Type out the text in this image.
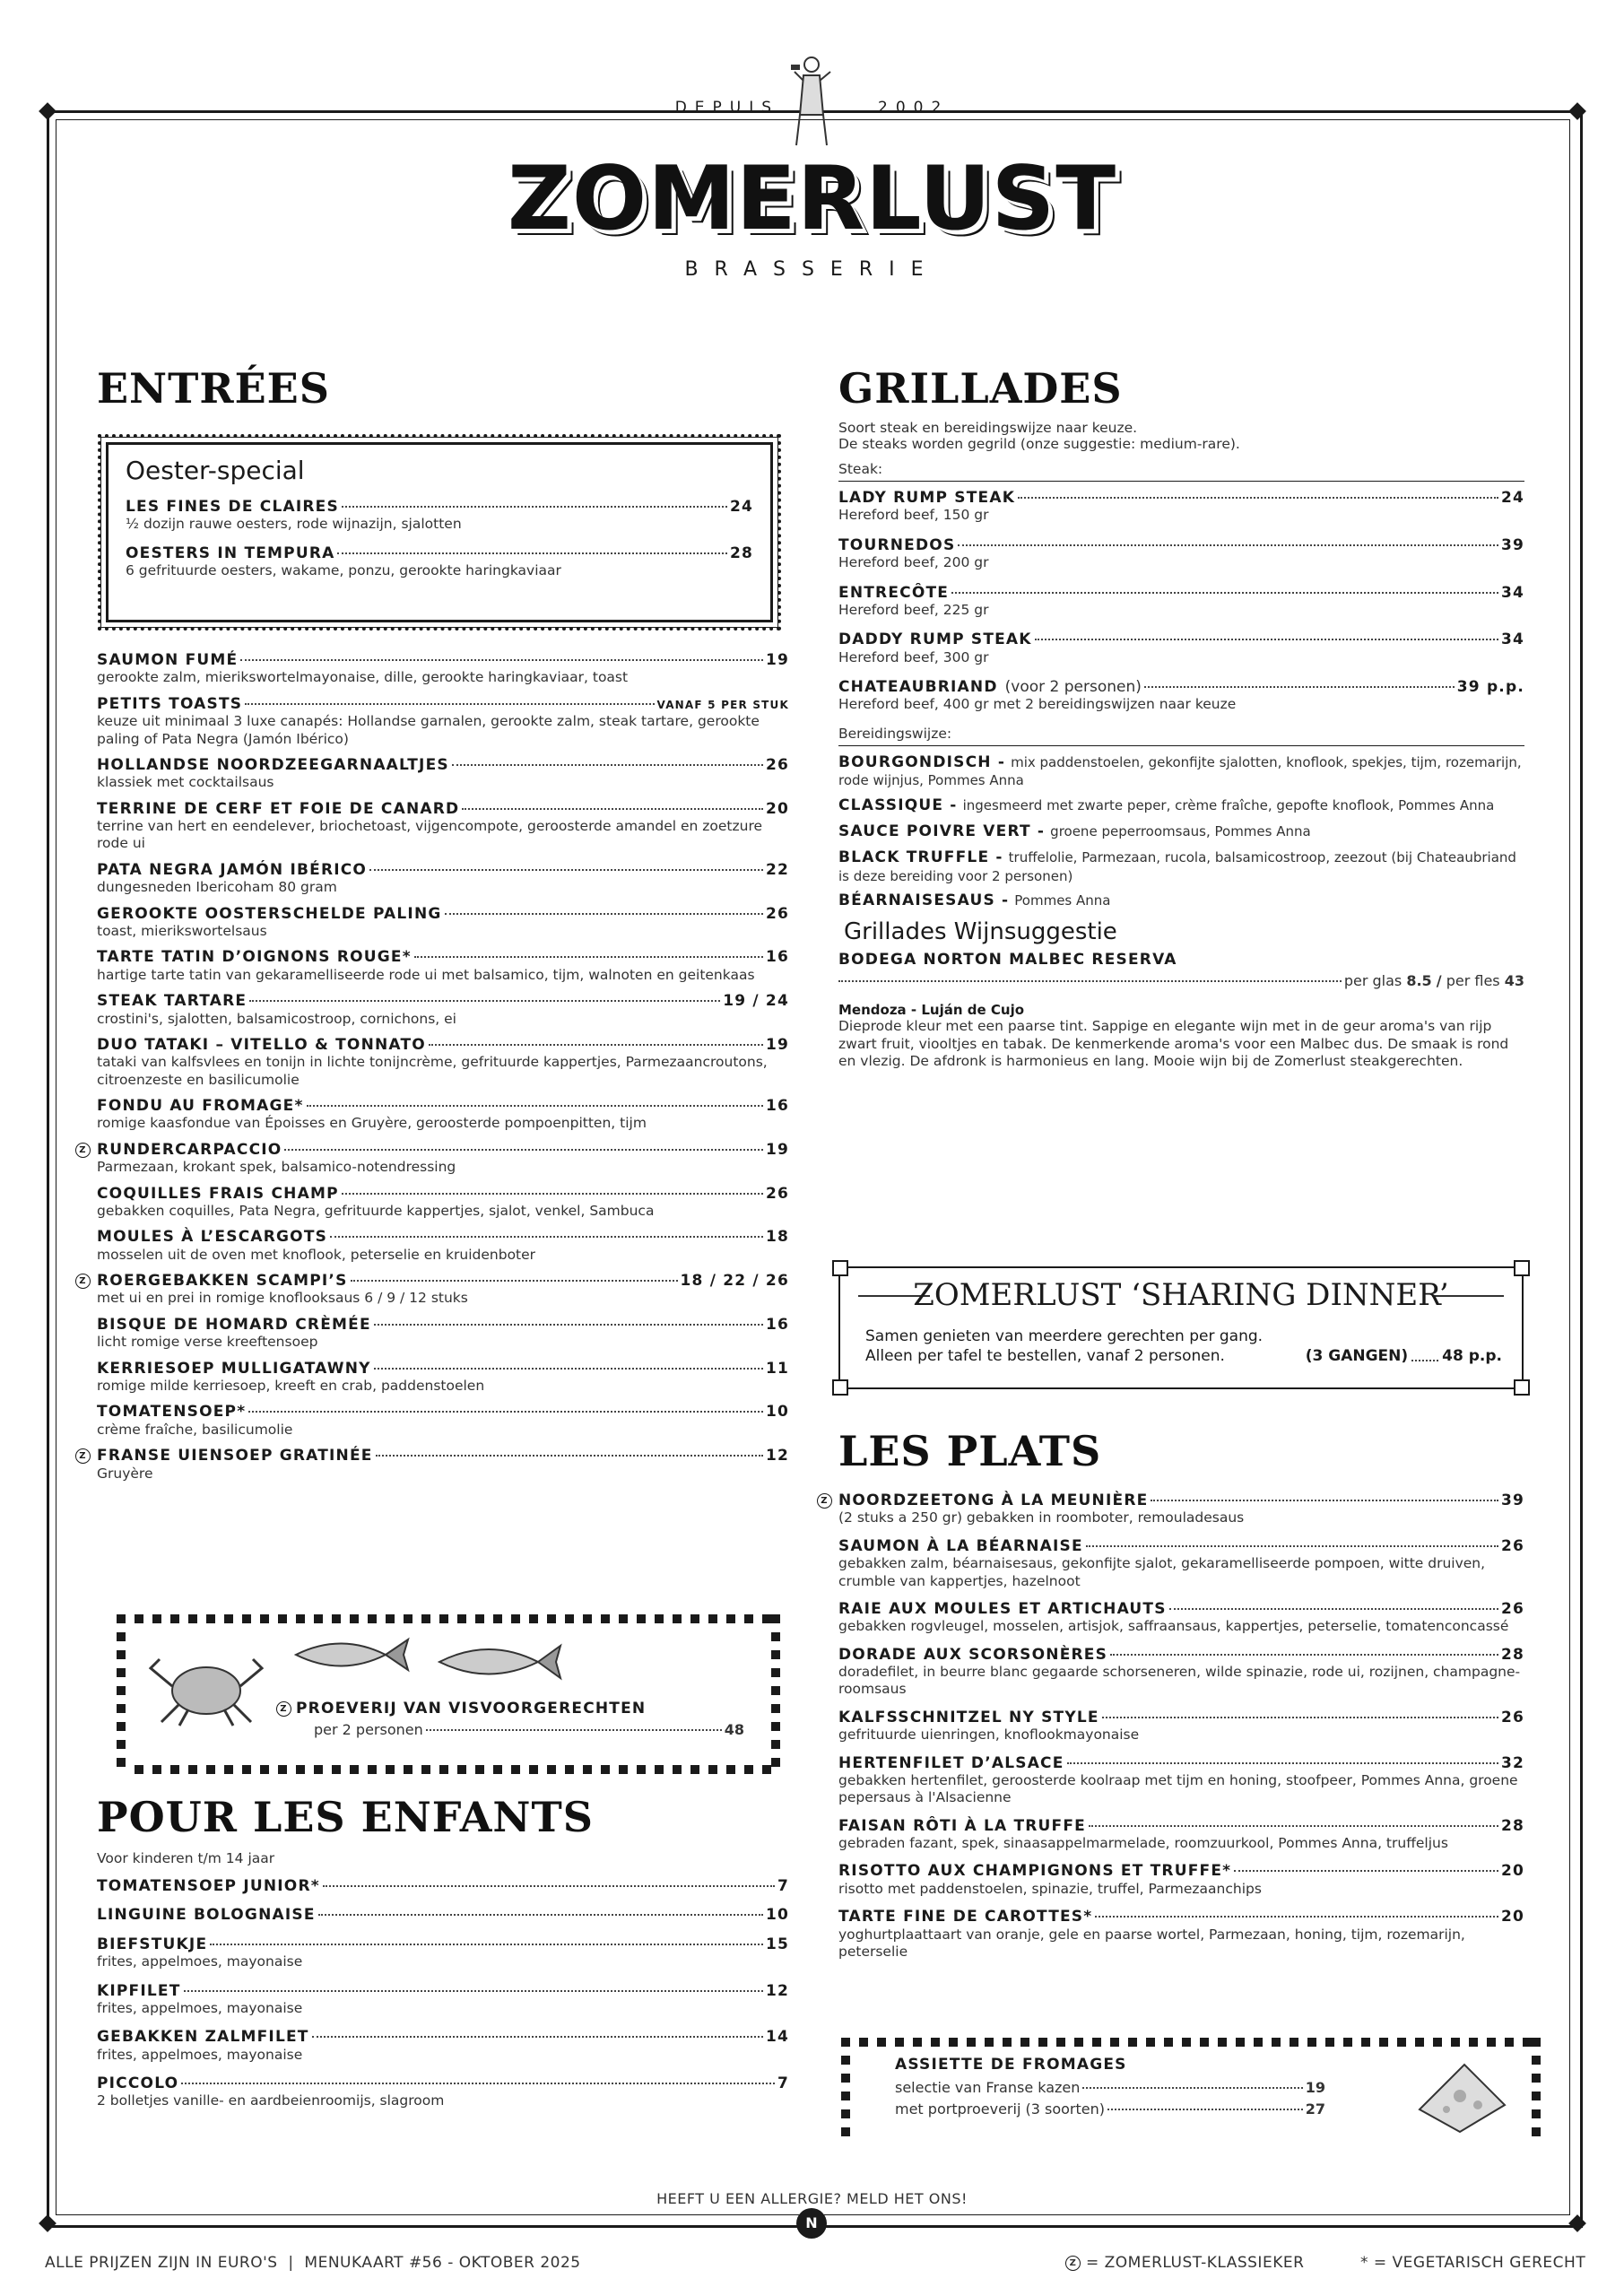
DEPUIS	2002
ZOMERLUST
BRASSERIE
ENTRÉES
Oester-special
LES FINES DE CLAIRES	24
½ dozijn rauwe oesters, rode wijnazijn, sjalotten
OESTERS IN TEMPURA	28
6 gefrituurde oesters, wakame, ponzu, gerookte haringkaviaar
SAUMON FUMÉ	19
gerookte zalm, mierikswortelmayonaise, dille, gerookte haringkaviaar, toast
PETITS TOASTS	VANAF 5 PER STUK
keuze uit minimaal 3 luxe canapés: Hollandse garnalen, gerookte zalm, steak tartare, gerookte paling of Pata Negra (Jamón Ibérico)
HOLLANDSE NOORDZEEGARNAALTJES	26
klassiek met cocktailsaus
TERRINE DE CERF ET FOIE DE CANARD	20
terrine van hert en eendelever, briochetoast, vijgencompote, geroosterde amandel en zoetzure rode ui
PATA NEGRA JAMÓN IBÉRICO	22
dungesneden Ibericoham 80 gram
GEROOKTE OOSTERSCHELDE PALING	26
toast, mierikswortelsaus
TARTE TATIN D’OIGNONS ROUGE*	16
hartige tarte tatin van gekaramelliseerde rode ui met balsamico, tijm, walnoten en geitenkaas
STEAK TARTARE	19 / 24
crostini's, sjalotten, balsamicostroop, cornichons, ei
DUO TATAKI – VITELLO & TONNATO	19
tataki van kalfsvlees en tonijn in lichte tonijncrème, gefrituurde kappertjes, Parmezaancroutons, citroenzeste en basilicumolie
FONDU AU FROMAGE*	16
romige kaasfondue van Époisses en Gruyère, geroosterde pompoenpitten, tijm
Z RUNDERCARPACCIO	19
Parmezaan, krokant spek, balsamico-notendressing
COQUILLES FRAIS CHAMP	26
gebakken coquilles, Pata Negra, gefrituurde kappertjes, sjalot, venkel, Sambuca
MOULES À L’ESCARGOTS	18
mosselen uit de oven met knoflook, peterselie en kruidenboter
Z ROERGEBAKKEN SCAMPI’S	18 / 22 / 26
met ui en prei in romige knoflooksaus 6 / 9 / 12 stuks
BISQUE DE HOMARD CRÈMÉE	16
licht romige verse kreeftensoep
KERRIESOEP MULLIGATAWNY	11
romige milde kerriesoep, kreeft en crab, paddenstoelen
TOMATENSOEP*	10
crème fraîche, basilicumolie
Z FRANSE UIENSOEP GRATINÉE	12
Gruyère
Z PROEVERIJ VAN VISVOORGERECHTEN
per 2 personen	48
POUR LES ENFANTS
Voor kinderen t/m 14 jaar
TOMATENSOEP JUNIOR*	7
LINGUINE BOLOGNAISE	10
BIEFSTUKJE	15
frites, appelmoes, mayonaise
KIPFILET	12
frites, appelmoes, mayonaise
GEBAKKEN ZALMFILET	14
frites, appelmoes, mayonaise
PICCOLO	7
2 bolletjes vanille- en aardbeienroomijs, slagroom
GRILLADES
Soort steak en bereidingswijze naar keuze.
De steaks worden gegrild (onze suggestie: medium-rare).
Steak:
LADY RUMP STEAK	24
Hereford beef, 150 gr
TOURNEDOS	39
Hereford beef, 200 gr
ENTRECÔTE	34
Hereford beef, 225 gr
DADDY RUMP STEAK	34
Hereford beef, 300 gr
CHATEAUBRIAND (voor 2 personen)	39 p.p.
Hereford beef, 400 gr met 2 bereidingswijzen naar keuze
Bereidingswijze:
BOURGONDISCH - mix paddenstoelen, gekonfijte sjalotten, knoflook, spekjes, tijm, rozemarijn, rode wijnjus, Pommes Anna
CLASSIQUE - ingesmeerd met zwarte peper, crème fraîche, gepofte knoflook, Pommes Anna
SAUCE POIVRE VERT - groene peperroomsaus, Pommes Anna
BLACK TRUFFLE - truffelolie, Parmezaan, rucola, balsamicostroop, zeezout (bij Chateaubriand is deze bereiding voor 2 personen)
BÉARNAISESAUS - Pommes Anna
Grillades Wijnsuggestie
BODEGA NORTON MALBEC RESERVA
per glas 8.5 / per fles 43
Mendoza - Luján de Cujo
Dieprode kleur met een paarse tint. Sappige en elegante wijn met in de geur aroma's van rijp zwart fruit, viooltjes en tabak. De kenmerkende aroma's voor een Malbec dus. De smaak is rond en vlezig. De afdronk is harmonieus en lang. Mooie wijn bij de Zomerlust steakgerechten.
ZOMERLUST ‘SHARING DINNER’
Samen genieten van meerdere gerechten per gang.
Alleen per tafel te bestellen, vanaf 2 personen.	(3 GANGEN) 48 p.p.
LES PLATS
Z NOORDZEETONG À LA MEUNIÈRE	39
(2 stuks a 250 gr) gebakken in roomboter, remouladesaus
SAUMON À LA BÉARNAISE	26
gebakken zalm, béarnaisesaus, gekonfijte sjalot, gekaramelliseerde pompoen, witte druiven, crumble van kappertjes, hazelnoot
RAIE AUX MOULES ET ARTICHAUTS	26
gebakken rogvleugel, mosselen, artisjok, saffraansaus, kappertjes, peterselie, tomatenconcassé
DORADE AUX SCORSONÈRES	28
doradefilet, in beurre blanc gegaarde schorseneren, wilde spinazie, rode ui, rozijnen, champagne-roomsaus
KALFSSCHNITZEL NY STYLE	26
gefrituurde uienringen, knoflookmayonaise
HERTENFILET D’ALSACE	32
gebakken hertenfilet, geroosterde koolraap met tijm en honing, stoofpeer, Pommes Anna, groene pepersaus à l'Alsacienne
FAISAN RÔTI À LA TRUFFE	28
gebraden fazant, spek, sinaasappelmarmelade, roomzuurkool, Pommes Anna, truffeljus
RISOTTO AUX CHAMPIGNONS ET TRUFFE*	20
risotto met paddenstoelen, spinazie, truffel, Parmezaanchips
TARTE FINE DE CAROTTES*	20
yoghurtplaattaart van oranje, gele en paarse wortel, Parmezaan, honing, tijm, rozemarijn, peterselie
ASSIETTE DE FROMAGES
selectie van Franse kazen	19
met portproeverij (3 soorten)	27
HEEFT U EEN ALLERGIE? MELD HET ONS!
N
ALLE PRIJZEN ZIJN IN EURO'S  |  MENUKAART #56 - OKTOBER 2025	Z = ZOMERLUST-KLASSIEKER	* = VEGETARISCH GERECHT
